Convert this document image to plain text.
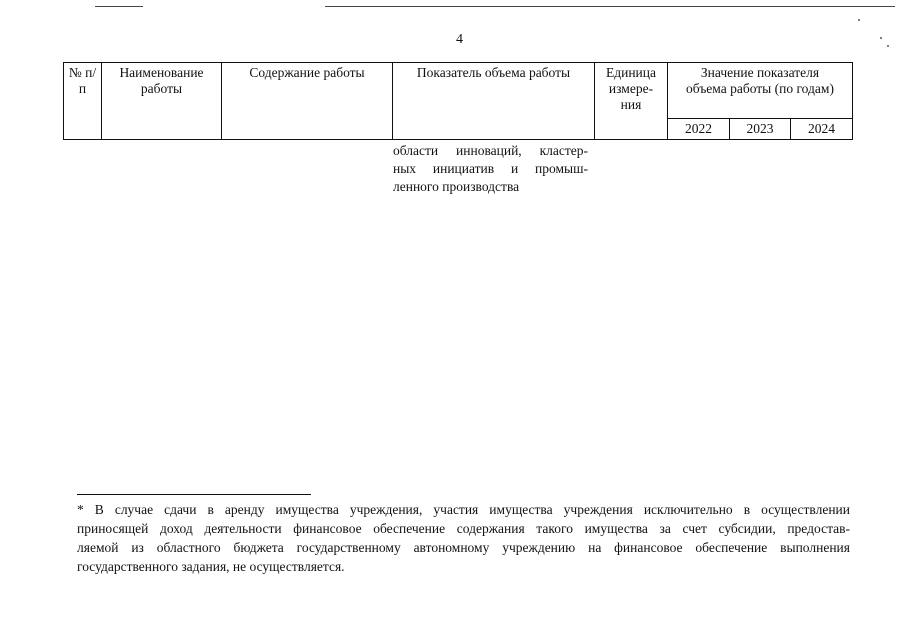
4
№ п/п	Наименование работы	Содержание работы	Показатель объема работы	Единица измере- ния	Значение показателя объема работы (по годам)		
					2022	2023	2024
области инноваций, кластер-
ных инициатив и промыш-
ленного производства
* В случае сдачи в аренду имущества учреждения, участия имущества учреждения исключительно в осуществлении
приносящей доход деятельности финансовое обеспечение содержания такого имущества за счет субсидии, предостав-
ляемой из областного бюджета государственному автономному учреждению на финансовое обеспечение выполнения
государственного задания, не осуществляется.
